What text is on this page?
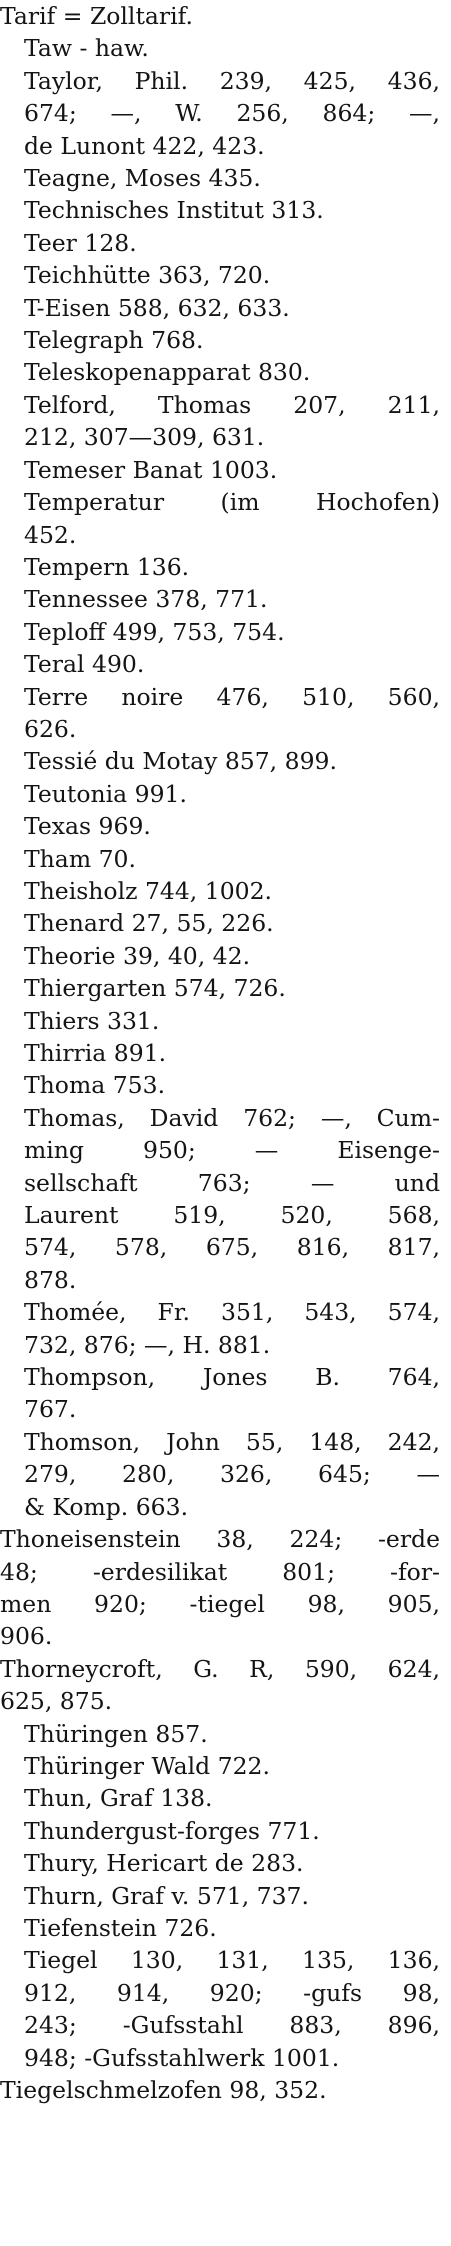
Tarif = Zolltarif.
Taw - haw.
Taylor, Phil. 239, 425, 436,
674; —, W. 256, 864; —,
de Lunont 422, 423.
Teagne, Moses 435.
Technisches Institut 313.
Teer 128.
Teichhütte 363, 720.
T-Eisen 588, 632, 633.
Telegraph 768.
Teleskopenapparat 830.
Telford, Thomas 207, 211,
212, 307—309, 631.
Temeser Banat 1003.
Temperatur (im Hochofen)
452.
Tempern 136.
Tennessee 378, 771.
Teploff 499, 753, 754.
Teral 490.
Terre noire 476, 510, 560,
626.
Tessié du Motay 857, 899.
Teutonia 991.
Texas 969.
Tham 70.
Theisholz 744, 1002.
Thenard 27, 55, 226.
Theorie 39, 40, 42.
Thiergarten 574, 726.
Thiers 331.
Thirria 891.
Thoma 753.
Thomas, David 762; —, Cum-
ming 950; — Eisenge-
sellschaft 763; — und
Laurent 519, 520, 568,
574, 578, 675, 816, 817,
878.
Thomée, Fr. 351, 543, 574,
732, 876; —, H. 881.
Thompson, Jones B. 764,
767.
Thomson, John 55, 148, 242,
279, 280, 326, 645; —
& Komp. 663.
Thoneisenstein 38, 224; -erde
48; -erdesilikat 801; -for-
men 920; -tiegel 98, 905,
906.
Thorneycroft, G. R, 590, 624,
625, 875.
Thüringen 857.
Thüringer Wald 722.
Thun, Graf 138.
Thundergust-forges 771.
Thury, Hericart de 283.
Thurn, Graf v. 571, 737.
Tiefenstein 726.
Tiegel 130, 131, 135, 136,
912, 914, 920; -gufs 98,
243; -Gufsstahl 883, 896,
948; -Gufsstahlwerk 1001.
Tiegelschmelzofen 98, 352.
